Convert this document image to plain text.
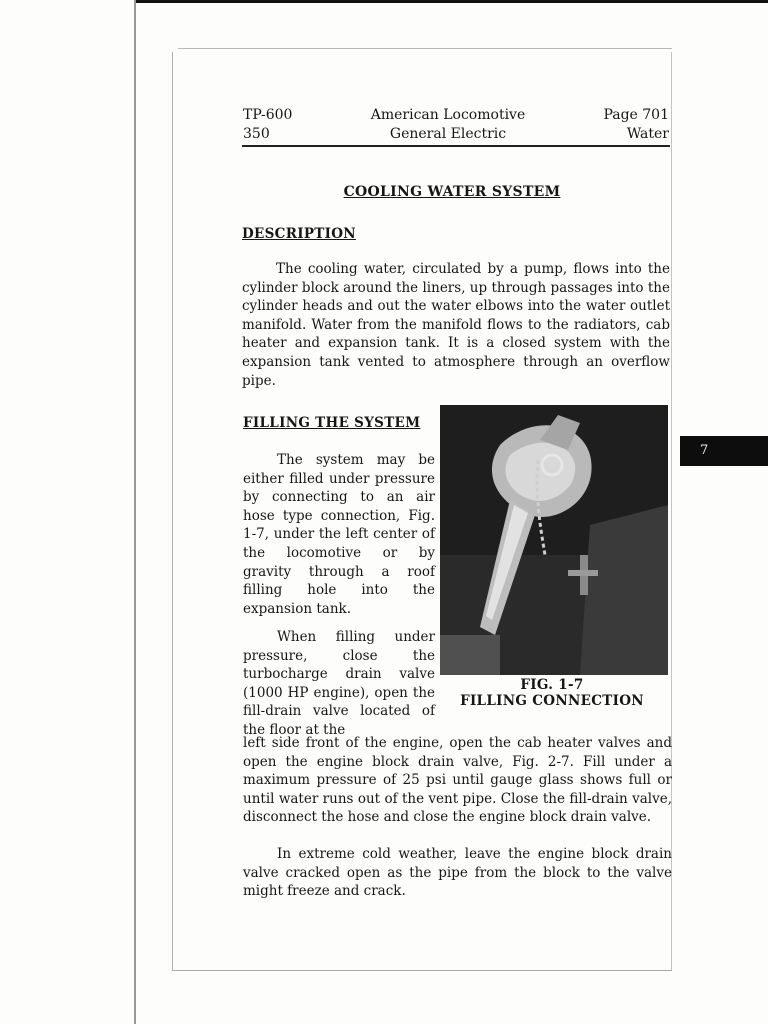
TP-600
350
American Locomotive
General Electric
Page 701
Water
COOLING WATER SYSTEM
DESCRIPTION

The cooling water, circulated by a pump, flows into the cylinder block around the liners, up through passages into the cylinder heads and out the water elbows into the water outlet manifold. Water from the manifold flows to the radiators, cab heater and expansion tank. It is a closed system with the expansion tank vented to atmosphere through an overflow pipe.

FILLING THE SYSTEM

The system may be either filled under pressure by connecting to an air hose type connection, Fig. 1-7, under the left center of the locomotive or by gravity through a roof filling hole into the expansion tank.

When filling under pressure, close the turbocharge drain valve (1000 HP engine), open the fill-drain valve located of the floor at the

left side front of the engine, open the cab heater valves and open the engine block drain valve, Fig. 2-7. Fill under a maximum pressure of 25 psi until gauge glass shows full or until water runs out of the vent pipe. Close the fill-drain valve, disconnect the hose and close the engine block drain valve.

In extreme cold weather, leave the engine block drain valve cracked open as the pipe from the block to the valve might freeze and crack.

FIG. 1-7
FILLING CONNECTION
7
